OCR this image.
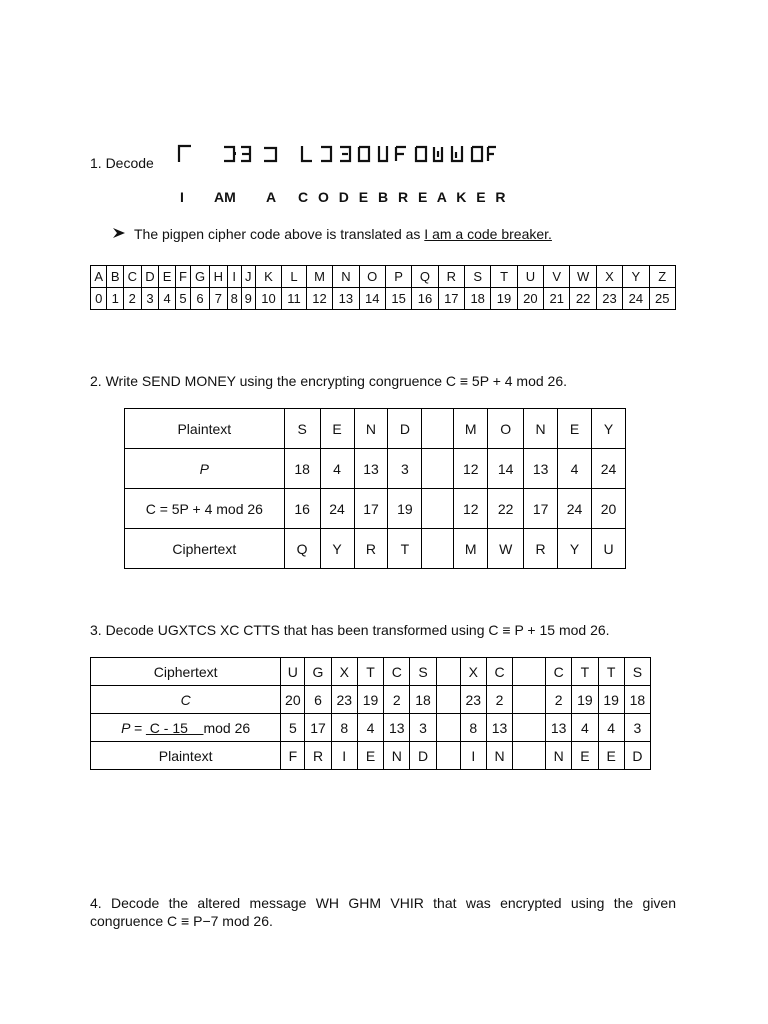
1. Decode
I AM	A C O D E B R E A K E R
The pigpen cipher code above is translated as I am a code breaker.
A	B	C	D	E	F	G	H	I	J	K	L	M	N	O	P	Q	R	S	T	U	V	W	X	Y	Z
0	1	2	3	4	5	6	7	8	9	10	11	12	13	14	15	16	17	18	19	20	21	22	23	24	25
2. Write SEND MONEY using the encrypting congruence C ≡ 5P + 4 mod 26.
Plaintext	S	E	N	D		M	O	N	E	Y
P	18	4	13	3		12	14	13	4	24
C = 5P + 4 mod 26	16	24	17	19		12	22	17	24	20
Ciphertext	Q	Y	R	T		M	W	R	Y	U
3. Decode UGXTCS XC CTTS that has been transformed using C ≡ P + 15 mod 26.
Ciphertext	U	G	X	T	C	S		X	C		C	T	T	S
C	20	6	23	19	2	18		23	2		2	19	19	18
P =  C - 15    mod 26	5	17	8	4	13	3		8	13		13	4	4	3
Plaintext	F	R	I	E	N	D		I	N		N	E	E	D
4. Decode the altered message WH GHM VHIR that was encrypted using the given congruence C ≡ P−7 mod 26.
